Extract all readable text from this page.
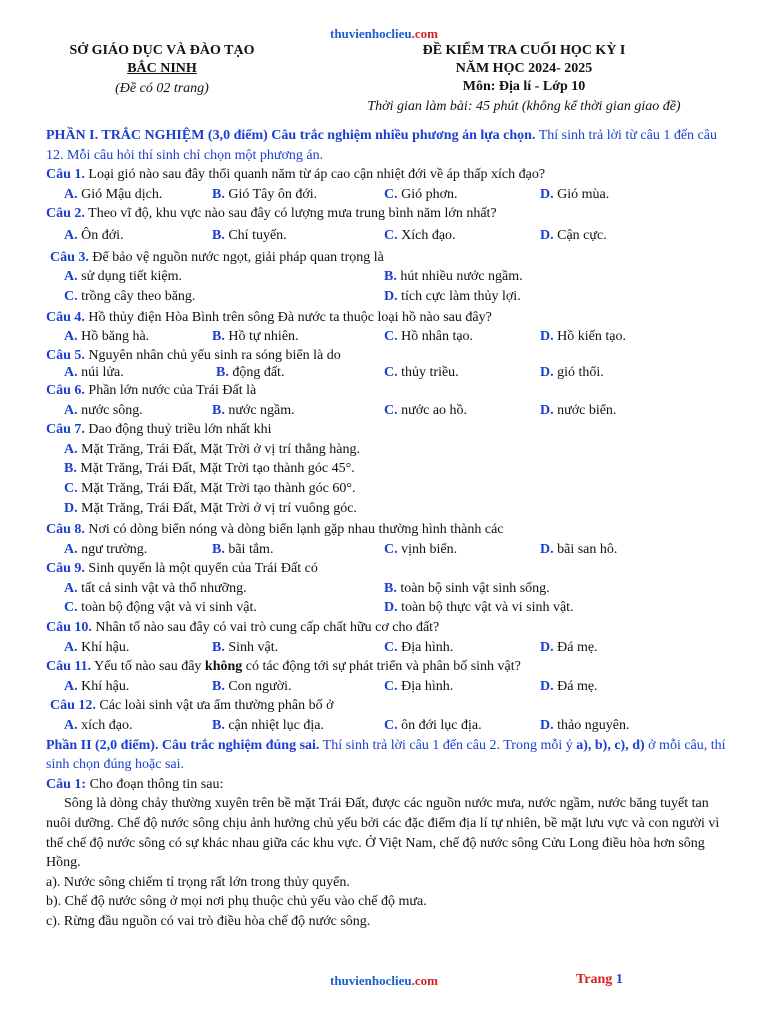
thuvienhoclieu.com
SỞ GIÁO DỤC VÀ ĐÀO TẠO
BẮC NINH
(Đề có 02 trang)
ĐỀ KIỂM TRA CUỐI HỌC KỲ I
NĂM HỌC 2024- 2025
Môn: Địa lí - Lớp 10
Thời gian làm bài: 45 phút (không kể thời gian giao đề)

PHẦN I. TRẮC NGHIỆM (3,0 điểm) Câu trắc nghiệm nhiều phương án lựa chọn. Thí sinh trả lời từ câu 1 đến câu 12. Mỗi câu hỏi thí sinh chỉ chọn một phương án.

Câu 1. Loại gió nào sau đây thổi quanh năm từ áp cao cận nhiệt đới về áp thấp xích đạo?

A. Gió Mậu dịch.	B. Gió Tây ôn đới.	C. Gió phơn.	D. Gió mùa.

Câu 2. Theo vĩ độ, khu vực nào sau đây có lượng mưa trung bình năm lớn nhất?

A. Ôn đới.	B. Chí tuyến.	C. Xích đạo.	D. Cận cực.

Câu 3. Để bảo vệ nguồn nước ngọt, giải pháp quan trọng là

A. sử dụng tiết kiệm.	B. hút nhiều nước ngầm.
C. trồng cây theo băng.	D. tích cực làm thủy lợi.

Câu 4. Hồ thủy điện Hòa Bình trên sông Đà nước ta thuộc loại hồ nào sau đây?

A. Hồ băng hà.	B. Hồ tự nhiên.	C. Hồ nhân tạo.	D. Hồ kiến tạo.

Câu 5. Nguyên nhân chủ yếu sinh ra sóng biển là do

A. núi lửa.	B. động đất.	C. thủy triều.	D. gió thổi.

Câu 6. Phần lớn nước của Trái Đất là

A. nước sông.	B. nước ngầm.	C. nước ao hồ.	D. nước biển.

Câu 7. Dao động thuỷ triều lớn nhất khi

A. Mặt Trăng, Trái Đất, Mặt Trời ở vị trí thẳng hàng.
B. Mặt Trăng, Trái Đất, Mặt Trời tạo thành góc 45°.
C. Mặt Trăng, Trái Đất, Mặt Trời tạo thành góc 60°.
D. Mặt Trăng, Trái Đất, Mặt Trời ở vị trí vuông góc.

Câu 8. Nơi có dòng biển nóng và dòng biển lạnh gặp nhau thường hình thành các

A. ngư trường.	B. bãi tắm.	C. vịnh biển.	D. bãi san hô.

Câu 9. Sinh quyển là một quyển của Trái Đất có

A. tất cả sinh vật và thổ nhưỡng.	B. toàn bộ sinh vật sinh sống.
C. toàn bộ động vật và vi sinh vật.	D. toàn bộ thực vật và vi sinh vật.

Câu 10. Nhân tố nào sau đây có vai trò cung cấp chất hữu cơ cho đất?

A. Khí hậu.	B. Sinh vật.	C. Địa hình.	D. Đá mẹ.

Câu 11. Yếu tố nào sau đây không có tác động tới sự phát triển và phân bố sinh vật?

A. Khí hậu.	B. Con người.	C. Địa hình.	D. Đá mẹ.

Câu 12. Các loài sinh vật ưa ẩm thường phân bố ở

A. xích đạo.	B. cận nhiệt lục địa.	C. ôn đới lục địa.	D. thảo nguyên.

Phần II (2,0 điểm). Câu trắc nghiệm đúng sai. Thí sinh trả lời câu 1 đến câu 2. Trong mỗi ý a), b), c), d) ở mỗi câu, thí sinh chọn đúng hoặc sai.

Câu 1: Cho đoạn thông tin sau:

Sông là dòng chảy thường xuyên trên bề mặt Trái Đất, được các nguồn nước mưa, nước ngầm, nước băng tuyết tan nuôi dưỡng. Chế độ nước sông chịu ảnh hưởng chủ yếu bởi các đặc điểm địa lí tự nhiên, bề mặt lưu vực và con người vì thế chế độ nước sông có sự khác nhau giữa các khu vực. Ở Việt Nam, chế độ nước sông Cửu Long điều hòa hơn sông Hồng.

a). Nước sông chiếm tỉ trọng rất lớn trong thủy quyển.

b). Chế độ nước sông ở mọi nơi phụ thuộc chủ yếu vào chế độ mưa.

c). Rừng đầu nguồn có vai trò điều hòa chế độ nước sông.

thuvienhoclieu.com	Trang 1
